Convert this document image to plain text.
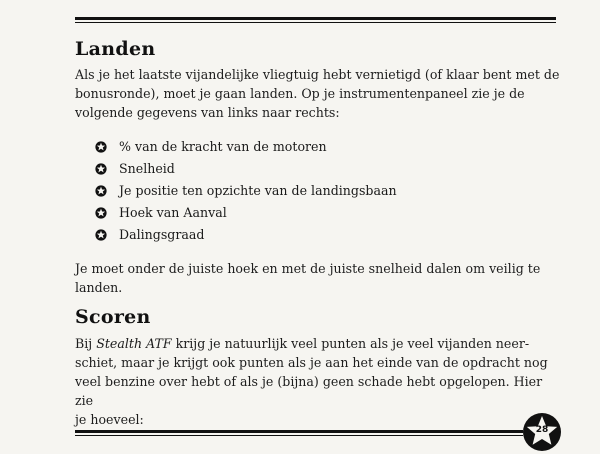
Landen

Als je het laatste vijandelijke vliegtuig hebt vernietigd (of klaar bent met de
bonusronde), moet je gaan landen. Op je instrumentenpaneel zie je de
volgende gegevens van links naar rechts:

% van de kracht van de motoren
Snelheid
Je positie ten opzichte van de landingsbaan
Hoek van Aanval
Dalingsgraad

Je moet onder de juiste hoek en met de juiste snelheid dalen om veilig te
landen.

Scoren

Bij Stealth ATF krijg je natuurlijk veel punten als je veel vijanden neer-
schiet, maar je krijgt ook punten als je aan het einde van de opdracht nog
veel benzine over hebt of als je (bijna) geen schade hebt opgelopen. Hier zie
je hoeveel:

28
